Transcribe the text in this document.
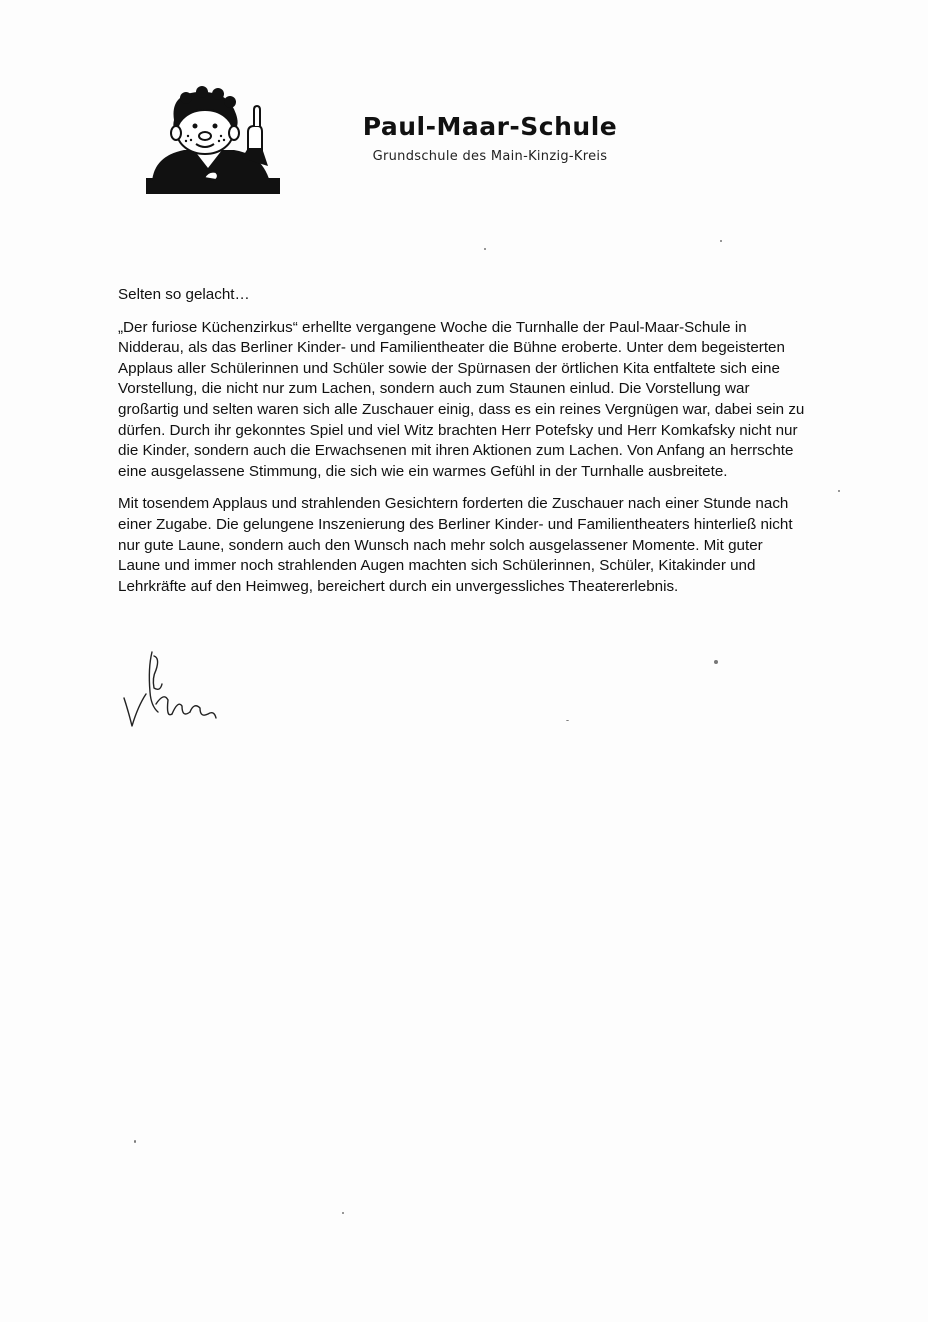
Paul-Maar-Schule
Grundschule des Main-Kinzig-Kreis

Selten so gelacht…

„Der furiose Küchenzirkus“ erhellte vergangene Woche die Turnhalle der Paul-Maar-Schule in Nidderau, als das Berliner Kinder- und Familientheater die Bühne eroberte. Unter dem begeisterten Applaus aller Schülerinnen und Schüler sowie der Spürnasen der örtlichen Kita entfaltete sich eine Vorstellung, die nicht nur zum Lachen, sondern auch zum Staunen einlud. Die Vorstellung war großartig und selten waren sich alle Zuschauer einig, dass es ein reines Vergnügen war, dabei sein zu dürfen. Durch ihr gekonntes Spiel und viel Witz brachten Herr Potefsky und Herr Komkafsky nicht nur die Kinder, sondern auch die Erwachsenen mit ihren Aktionen zum Lachen. Von Anfang an herrschte eine ausgelassene Stimmung, die sich wie ein warmes Gefühl in der Turnhalle ausbreitete.

Mit tosendem Applaus und strahlenden Gesichtern forderten die Zuschauer nach einer Stunde nach einer Zugabe. Die gelungene Inszenierung des Berliner Kinder- und Familientheaters hinterließ nicht nur gute Laune, sondern auch den Wunsch nach mehr solch ausgelassener Momente. Mit guter Laune und immer noch strahlenden Augen machten sich Schülerinnen, Schüler, Kitakinder und Lehrkräfte auf den Heimweg, bereichert durch ein unvergessliches Theatererlebnis.
